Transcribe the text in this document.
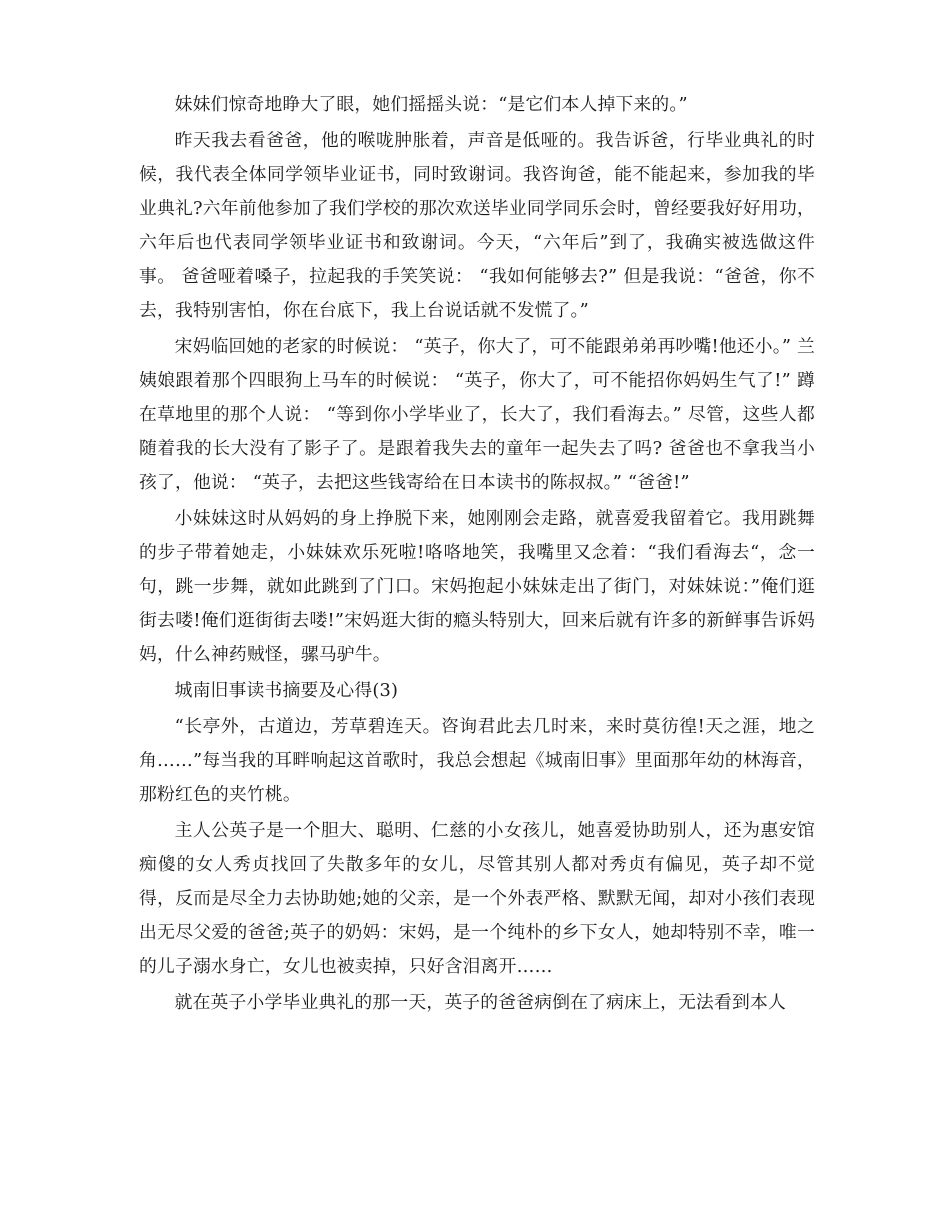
妹妹们惊奇地睁大了眼，她们摇摇头说：“是它们本人掉下来的。”

昨天我去看爸爸，他的喉咙肿胀着，声音是低哑的。我告诉爸，行毕业典礼的时候，我代表全体同学领毕业证书，同时致谢词。我咨询爸，能不能起来，参加我的毕业典礼?六年前他参加了我们学校的那次欢送毕业同学同乐会时，曾经要我好好用功，六年后也代表同学领毕业证书和致谢词。今天，“六年后”到了，我确实被选做这件事。 爸爸哑着嗓子，拉起我的手笑笑说： “我如何能够去?” 但是我说：“爸爸，你不去，我特别害怕，你在台底下，我上台说话就不发慌了。”

宋妈临回她的老家的时候说： “英子，你大了，可不能跟弟弟再吵嘴!他还小。” 兰姨娘跟着那个四眼狗上马车的时候说： “英子，你大了，可不能招你妈妈生气了!” 蹲在草地里的那个人说： “等到你小学毕业了，长大了，我们看海去。” 尽管，这些人都随着我的长大没有了影子了。是跟着我失去的童年一起失去了吗? 爸爸也不拿我当小孩了，他说： “英子，去把这些钱寄给在日本读书的陈叔叔。” “爸爸!”

小妹妹这时从妈妈的身上挣脱下来，她刚刚会走路，就喜爱我留着它。我用跳舞的步子带着她走，小妹妹欢乐死啦!咯咯地笑，我嘴里又念着：“我们看海去“，念一句，跳一步舞，就如此跳到了门口。宋妈抱起小妹妹走出了街门，对妹妹说：”俺们逛街去喽!俺们逛街街去喽!”宋妈逛大街的瘾头特别大，回来后就有许多的新鲜事告诉妈妈，什么神药贼怪，骡马驴牛。

城南旧事读书摘要及心得(3)

“长亭外，古道边，芳草碧连天。咨询君此去几时来，来时莫彷徨!天之涯，地之角……”每当我的耳畔响起这首歌时，我总会想起《城南旧事》里面那年幼的林海音，那粉红色的夹竹桃。

主人公英子是一个胆大、聪明、仁慈的小女孩儿，她喜爱协助别人，还为惠安馆痴傻的女人秀贞找回了失散多年的女儿，尽管其别人都对秀贞有偏见，英子却不觉得，反而是尽全力去协助她;她的父亲，是一个外表严格、默默无闻，却对小孩们表现出无尽父爱的爸爸;英子的奶妈：宋妈，是一个纯朴的乡下女人，她却特别不幸，唯一的儿子溺水身亡，女儿也被卖掉，只好含泪离开……

就在英子小学毕业典礼的那一天，英子的爸爸病倒在了病床上，无法看到本人
